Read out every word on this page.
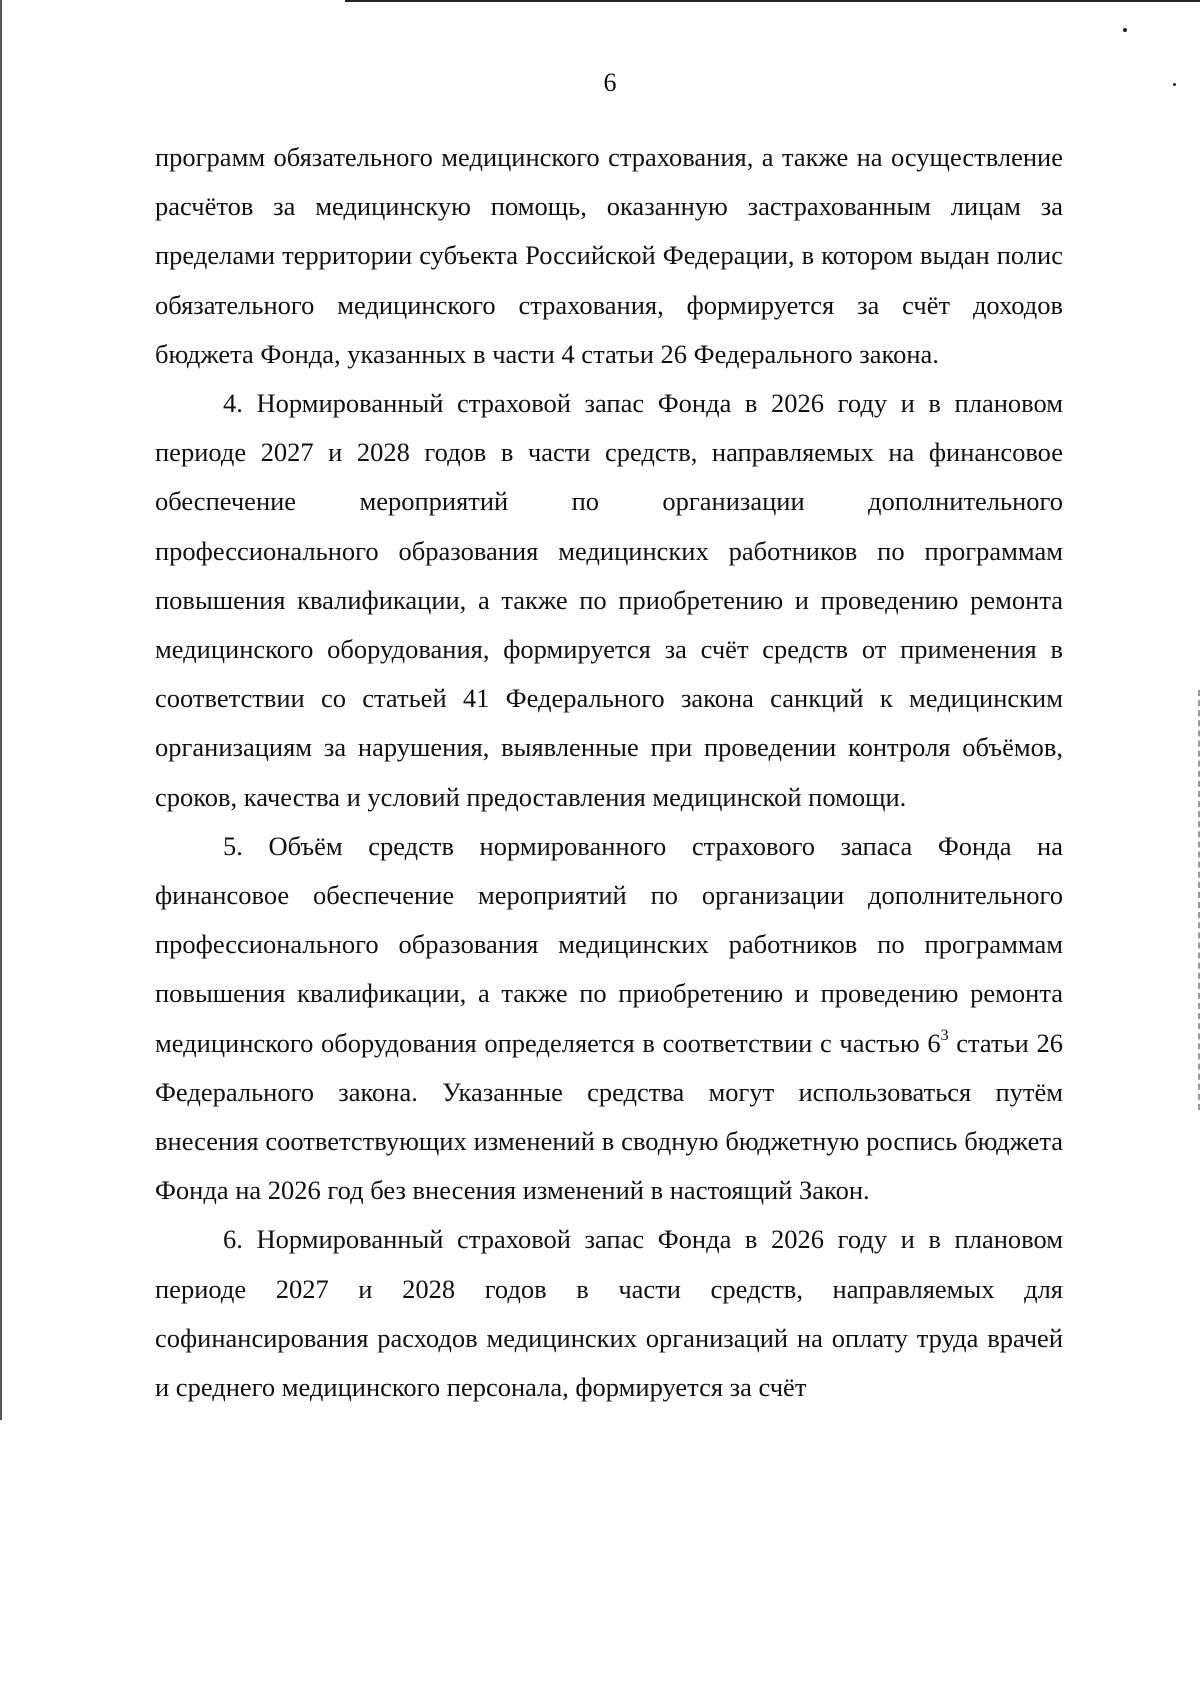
6

программ обязательного медицинского страхования, а также на осуществление расчётов за медицинскую помощь, оказанную застрахованным лицам за пределами территории субъекта Российской Федерации, в котором выдан полис обязательного медицинского страхования, формируется за счёт доходов бюджета Фонда, указанных в части 4 статьи 26 Федерального закона.

4. Нормированный страховой запас Фонда в 2026 году и в плановом периоде 2027 и 2028 годов в части средств, направляемых на финансовое обеспечение мероприятий по организации дополнительного профессионального образования медицинских работников по программам повышения квалификации, а также по приобретению и проведению ремонта медицинского оборудования, формируется за счёт средств от применения в соответствии со статьей 41 Федерального закона санкций к медицинским организациям за нарушения, выявленные при проведении контроля объёмов, сроков, качества и условий предоставления медицинской помощи.

5. Объём средств нормированного страхового запаса Фонда на финансовое обеспечение мероприятий по организации дополнительного профессионального образования медицинских работников по программам повышения квалификации, а также по приобретению и проведению ремонта медицинского оборудования определяется в соответствии с частью $6^3$ статьи 26 Федерального закона. Указанные средства могут использоваться путём внесения соответствующих изменений в сводную бюджетную роспись бюджета Фонда на 2026 год без внесения изменений в настоящий Закон.

6. Нормированный страховой запас Фонда в 2026 году и в плановом периоде 2027 и 2028 годов в части средств, направляемых для софинансирования расходов медицинских организаций на оплату труда врачей и среднего медицинского персонала, формируется за счёт
